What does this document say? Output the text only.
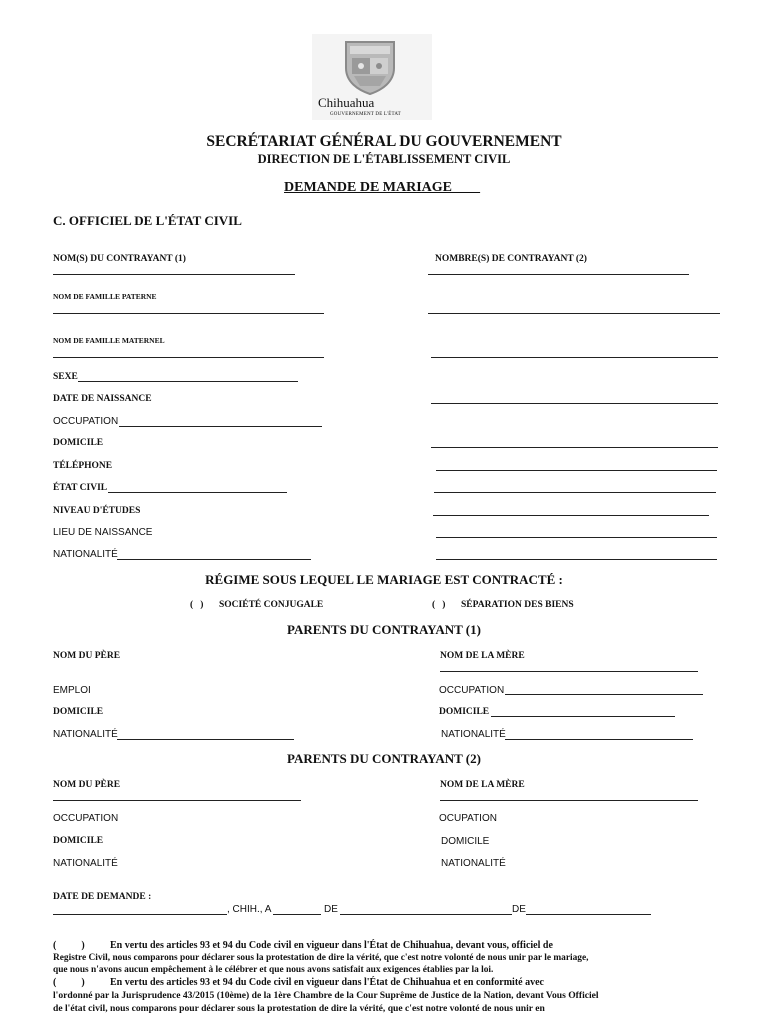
Chihuahua
GOUVERNEMENT DE L'ÉTAT
SECRÉTARIAT GÉNÉRAL DU GOUVERNEMENT
DIRECTION DE L'ÉTABLISSEMENT CIVIL
DEMANDE DE MARIAGE____
C. OFFICIEL DE L'ÉTAT CIVIL
NOM(S) DU CONTRAYANT (1)	NOMBRE(S) DE CONTRAYANT (2)
NOM DE FAMILLE PATERNE
NOM DE FAMILLE MATERNEL
SEXE
DATE DE NAISSANCE
OCCUPATION
DOMICILE
TÉLÉPHONE
ÉTAT CIVIL
NIVEAU D'ÉTUDES
LIEU DE NAISSANCE
NATIONALITÉ
RÉGIME SOUS LEQUEL LE MARIAGE EST CONTRACTÉ :
(   ) SOCIÉTÉ CONJUGALE	(   ) SÉPARATION DES BIENS
PARENTS DU CONTRAYANT (1)
NOM DU PÈRE	NOM DE LA MÈRE
EMPLOI	OCCUPATION
DOMICILE	DOMICILE
NATIONALITÉ	NATIONALITÉ
PARENTS DU CONTRAYANT (2)
NOM DU PÈRE	NOM DE LA MÈRE
OCCUPATION	OCUPATION
DOMICILE	DOMICILE
NATIONALITÉ	NATIONALITÉ
DATE DE DEMANDE :
, CHIH., A	DE	DE
(          )	En vertu des articles 93 et 94 du Code civil en vigueur dans l'État de Chihuahua, devant vous, officiel de
Registre Civil, nous comparons pour déclarer sous la protestation de dire la vérité, que c'est notre volonté de nous unir par le mariage,
que nous n'avons aucun empêchement à le célébrer et que nous avons satisfait aux exigences établies par la loi.
(          )	En vertu des articles 93 et 94 du Code civil en vigueur dans l'État de Chihuahua et en conformité avec
l'ordonné par la Jurisprudence 43/2015 (10ème) de la 1ère Chambre de la Cour Suprême de Justice de la Nation, devant Vous Officiel
de l'état civil, nous comparons pour déclarer sous la protestation de dire la vérité, que c'est notre volonté de nous unir en
